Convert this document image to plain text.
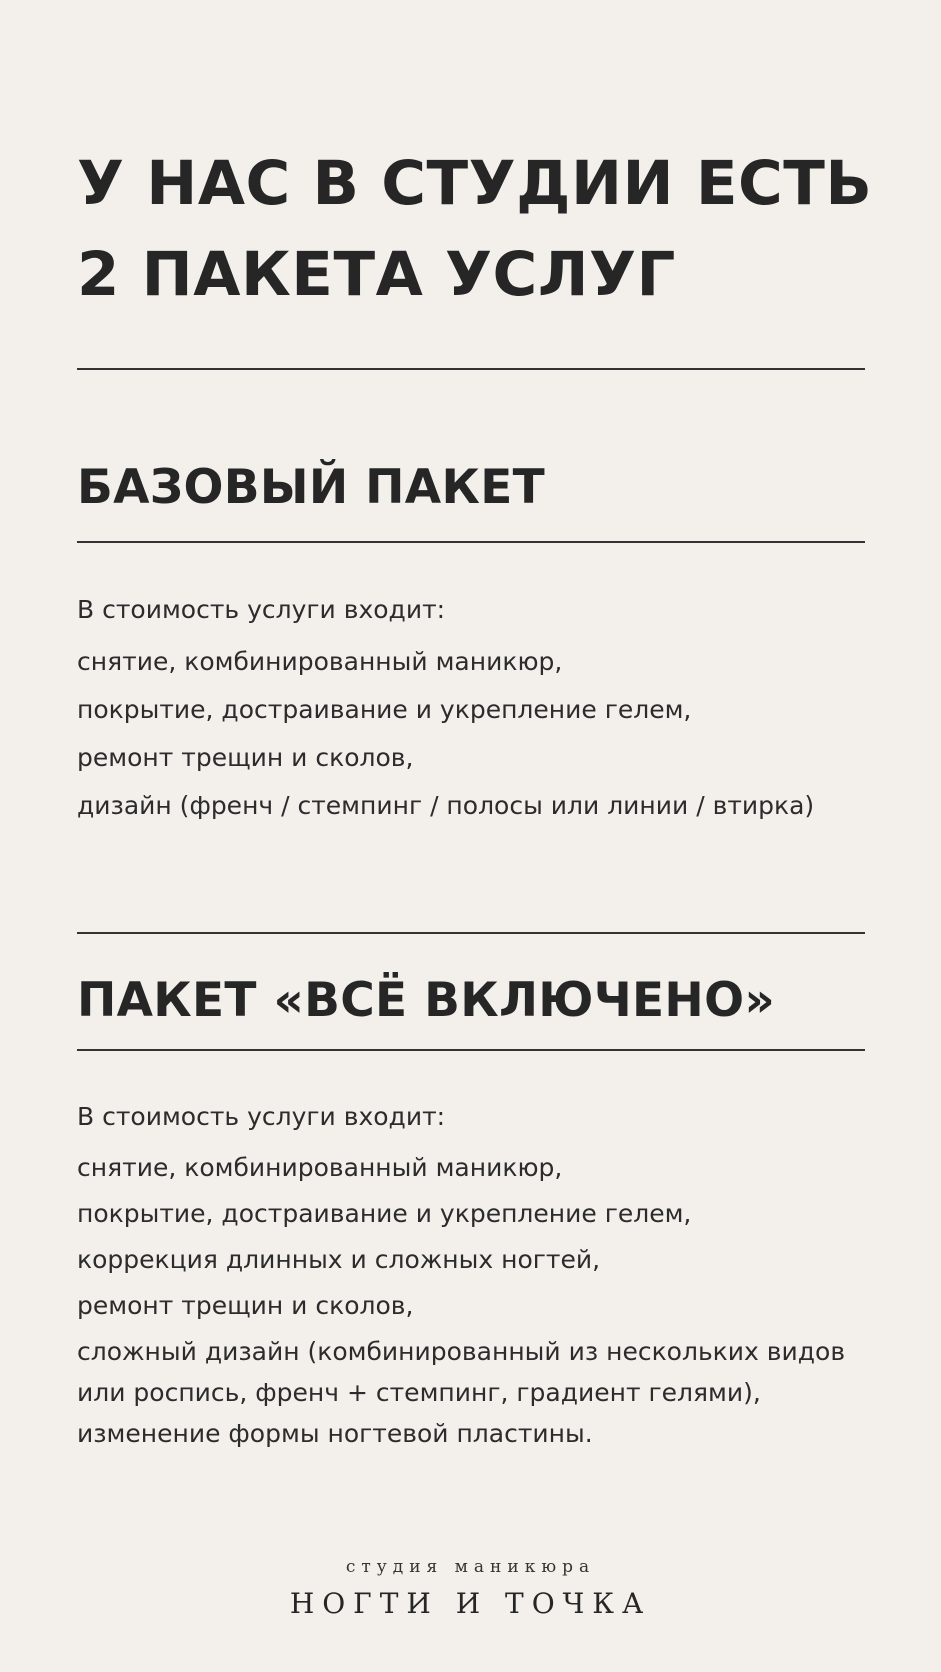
У НАС В СТУДИИ ЕСТЬ
2 ПАКЕТА УСЛУГ
БАЗОВЫЙ ПАКЕТ
В стоимость услуги входит:
снятие, комбинированный маникюр,
покрытие, достраивание и укрепление гелем,
ремонт трещин и сколов,
дизайн (френч / стемпинг / полосы или линии / втирка)
ПАКЕТ «ВСЁ ВКЛЮЧЕНО»
В стоимость услуги входит:
снятие, комбинированный маникюр,
покрытие, достраивание и укрепление гелем,
коррекция длинных и сложных ногтей,
ремонт трещин и сколов,
сложный дизайн (комбинированный из нескольких видов
или роспись, френч + стемпинг, градиент гелями),
изменение формы ногтевой пластины.
студия маникюра
НОГТИ И ТОЧКА
